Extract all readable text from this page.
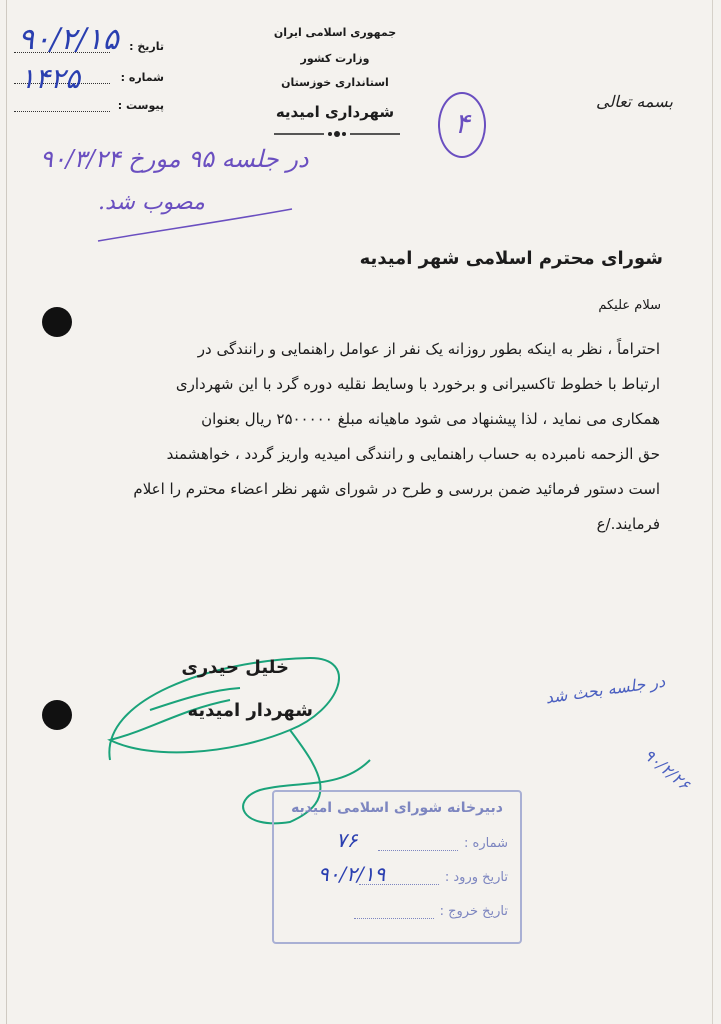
جمهوری اسلامی ایران
وزارت کشور
استانداری خوزستان
شهرداری امیدیه
تاریخ :
شماره :
پیوست :
۹۰/۲/۱۵
۱۴۲۵
بسمه تعالی
۴
در جلسه ۹۵ مورخ ۹۰/۳/۲۴
مصوب شد.
شورای محترم اسلامی شهر امیدیه
سلام علیکم

احتراماً ، نظر به اینکه بطور روزانه یک نفر از عوامل راهنمایی و رانندگی در

ارتباط با خطوط تاکسیرانی و برخورد با وسایط نقلیه دوره گرد با این شهرداری

همکاری می نماید ، لذا پیشنهاد می شود ماهیانه مبلغ ۲۵۰۰۰۰۰ ریال بعنوان

حق الزحمه نامبرده به حساب راهنمایی و رانندگی امیدیه واریز گردد ، خواهشمند

است دستور فرمائید ضمن بررسی و طرح در شورای شهر نظر اعضاء محترم را اعلام

فرمایند./ع

خلیل حیدری
شهردار امیدیه
در جلسه بحث شد
۹۰/۲/۲۶
دبیرخانه شورای اسلامی امیدیه
شماره :
تاریخ ورود :
تاریخ خروج :
۷۶
۹۰/۲/۱۹
